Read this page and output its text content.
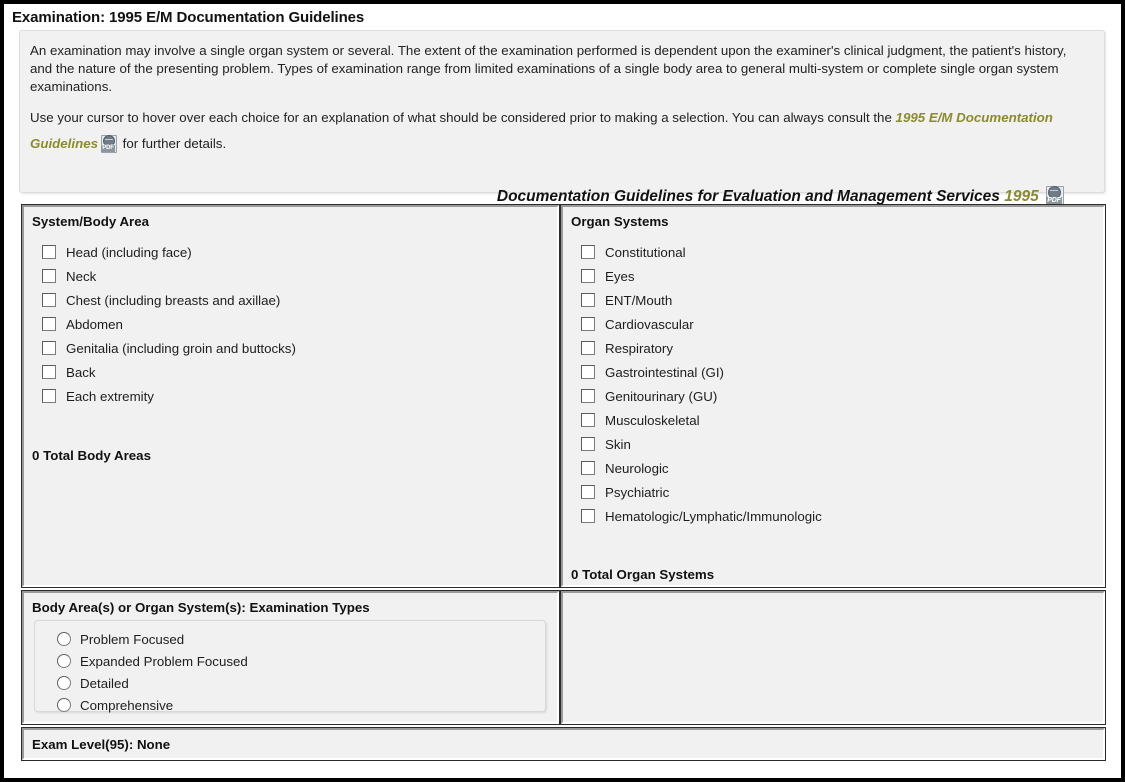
Examination: 1995 E/M Documentation Guidelines
An examination may involve a single organ system or several. The extent of the examination performed is dependent upon the examiner's clinical judgment, the patient's history, and the nature of the presenting problem. Types of examination range from limited examinations of a single body area to general multi-system or complete single organ system examinations.
Use your cursor to hover over each choice for an explanation of what should be considered prior to making a selection. You can always consult the 1995 E/M Documentation Guidelines PDF for further details.
Documentation Guidelines for Evaluation and Management Services 1995 PDF
System/Body Area
Head (including face)
Neck
Chest (including breasts and axillae)
Abdomen
Genitalia (including groin and buttocks)
Back
Each extremity
0 Total Body Areas
Organ Systems
Constitutional
Eyes
ENT/Mouth
Cardiovascular
Respiratory
Gastrointestinal (GI)
Genitourinary (GU)
Musculoskeletal
Skin
Neurologic
Psychiatric
Hematologic/Lymphatic/Immunologic
0 Total Organ Systems
Body Area(s) or Organ System(s): Examination Types
Problem Focused
Expanded Problem Focused
Detailed
Comprehensive
Exam Level(95): None
